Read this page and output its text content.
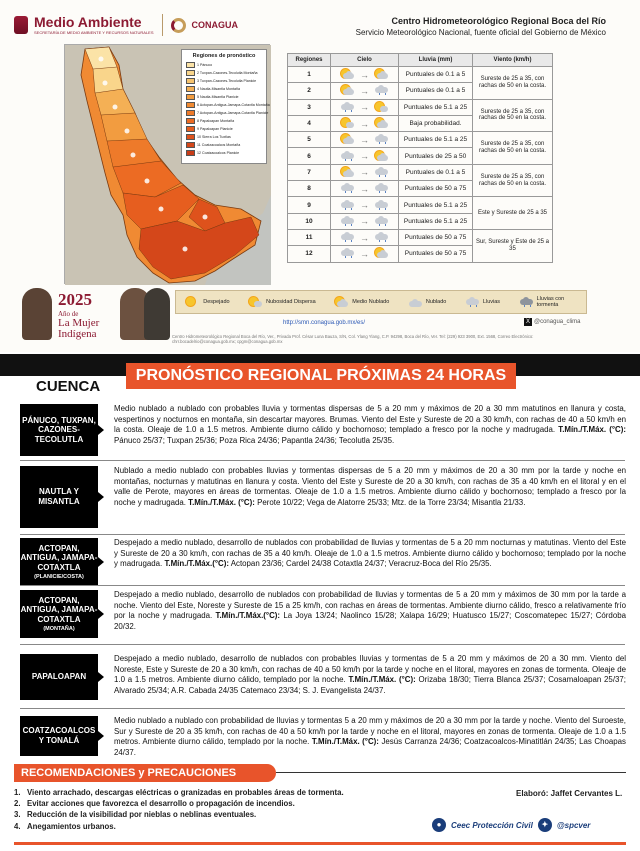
Medio Ambiente
SECRETARÍA DE MEDIO AMBIENTE Y RECURSOS NATURALES
CONAGUA	Centro Hidrometeorológico Regional Boca del Río
Servicio Meteorológico Nacional, fuente oficial del Gobierno de México
Regiones de pronóstico
1 Pánuco
2 Tuxpan-Cazones-Tecolutla Montaña
3 Tuxpan-Cazones-Tecolutla Planicie
4 Nautla-Misantla Montaña
5 Nautla-Misantla Planicie
6 Actopan-Antigua-Jamapa-Cotaxtla Montaña
7 Actopan-Antigua-Jamapa-Cotaxtla Planicie
8 Papaloapan Montaña
9 Papaloapan Planicie
10 Sierra Los Tuxtlas
11 Coatzacoalcos Montaña
12 Coatzacoalcos Planicie
Regiones	Cielo	Lluvia (mm)	Viento (km/h)
1	→	Puntuales de 0.1 a 5	Sureste de 25 a 35, con rachas de 50 en la costa.
2	→	Puntuales de 0.1 a 5	
3	→	Puntuales de 5.1 a 25	Sureste de 25 a 35, con rachas de 50 en la costa.
4	→	Baja probabilidad.	
5	→	Puntuales de 5.1 a 25	Sureste de 25 a 35, con rachas de 50 en la costa.
6	→	Puntuales de 25 a 50	
7	→	Puntuales de 0.1 a 5	Sureste de 25 a 35, con rachas de 50 en la costa.
8	→	Puntuales de 50 a 75	
9	→	Puntuales de 5.1 a 25	Este y Sureste de 25 a 35
10	→	Puntuales de 5.1 a 25	
11	→	Puntuales de 50 a 75	Sur, Sureste y Este de 25 a 35
12	→	Puntuales de 50 a 75	
2025
Año de
La Mujer
Indígena
Despejado	Nubosidad Dispersa	Medio Nublado	Nublado	Lluvias
Lluvias con tormenta
http://smn.conagua.gob.mx/es/	X @conagua_clima
Centro Hidrometeorológico Regional Boca del Río, Ver., Privada Prof. César Luna Bauza, S/N, Col. Ylang Ylang, C.P. 94298, Boca del Río, Ver. Tel: (229) 923 3900, Ext. 1568, Correo Electrónico: chrr.bocadelrio@conagua.gob.mx; cpgm@conagua.gob.mx
PRONÓSTICO REGIONAL PRÓXIMAS 24 HORAS
CUENCA
PÁNUCO, TUXPAN, CAZONES-TECOLUTLA
Medio nublado a nublado con probables lluvia y tormentas dispersas de 5 a 20 mm y máximos de 20 a 30 mm matutinos en llanura y costa, vespertinos y nocturnos en montaña, sin descartar mayores. Brumas. Viento del Este y Sureste de 20 a 30 km/h, con rachas de 40 a 50 km/h en la costa. Oleaje de 1.0 a 1.5 metros. Ambiente diurno cálido y bochornoso; templado a fresco por la noche y madrugada. T.Mín./T.Máx. (°C): Pánuco 25/37; Tuxpan 25/36; Poza Rica 24/36; Papantla 24/36; Tecolutla 25/35.
NAUTLA Y MISANTLA
Nublado a medio nublado con probables lluvias y tormentas dispersas de 5 a 20 mm y máximos de 20 a 30 mm por la tarde y noche en montañas, nocturnas y matutinas en llanura y costa. Viento del Este y Sureste de 20 a 30 km/h, con rachas de 35 a 40 km/h en el litoral y en el valle de Perote, mayores en áreas de tormentas. Oleaje de 1.0 a 1.5 metros. Ambiente diurno cálido y bochornoso; templado a fresco por la noche y madrugada. T.Mín./T.Máx. (°C): Perote 10/22; Vega de Alatorre 25/33; Mtz. de la Torre 23/34; Misantla 21/33.
ACTOPAN, ANTIGUA, JAMAPA-COTAXTLA
(PLANICIE/COSTA)
Despejado a medio nublado, desarrollo de nublados con probabilidad de lluvias y tormentas de 5 a 20 mm nocturnas y matutinas. Viento del Este y Sureste de 20 a 30 km/h, con rachas de 35 a 40 km/h. Oleaje de 1.0 a 1.5 metros. Ambiente diurno cálido y bochornoso; templado por la noche y madrugada. T.Mín./T.Máx.(°C): Actopan 23/36; Cardel 24/38 Cotaxtla 24/37; Veracruz-Boca del Río 25/35.
ACTOPAN, ANTIGUA, JAMAPA-COTAXTLA
(MONTAÑA)
Despejado a medio nublado, desarrollo de nublados con probabilidad de lluvias y tormentas de 5 a 20 mm y máximos de 30 mm por la tarde a noche. Viento del Este, Noreste y Sureste de 15 a 25 km/h, con rachas en áreas de tormentas. Ambiente diurno cálido, fresco a relativamente frío por la noche y madrugada. T.Mín./T.Máx.(°C): La Joya 13/24; Naolinco 15/28; Xalapa 16/29; Huatusco 15/27; Coscomatepec 15/27; Córdoba 20/32.
PAPALOAPAN
Despejado a medio nublado, desarrollo de nublados con probables lluvias y tormentas de 5 a 20 mm y máximos de 20 a 30 mm. Viento del Noreste, Este y Sureste de 20 a 30 km/h, con rachas de 40 a 50 km/h por la tarde y noche en el litoral, mayores en zonas de tormenta. Oleaje de 1.0 a 1.5 metros. Ambiente diurno cálido, templado por la noche. T.Mín./T.Máx. (°C): Orizaba 18/30; Tierra Blanca 25/37; Cosamaloapan 25/37; Alvarado 25/34; A.R. Cabada 24/35 Catemaco 23/34; S. J. Evangelista 24/37.
COATZACOALCOS Y TONALÁ
Medio nublado a nublado con probabilidad de lluvias y tormentas 5 a 20 mm y máximos de 20 a 30 mm por la tarde y noche. Viento del Suroeste, Sur y Sureste de 20 a 35 km/h, con rachas de 40 a 50 km/h por la tarde y noche en el litoral, mayores en zonas de tormenta. Oleaje de 1.0 a 1.5 metros. Ambiente diurno cálido, templado por la noche. T.Mín./T.Máx. (°C): Jesús Carranza 24/36; Coatzacoalcos-Minatitlán 24/35; Las Choapas 24/37.
RECOMENDACIONES y PRECAUCIONES
1. Viento arrachado, descargas eléctricas o granizadas en probables áreas de tormenta.
2. Evitar acciones que favorezca el desarrollo o propagación de incendios.
3. Reducción de la visibilidad por nieblas o neblinas eventuales.
4. Anegamientos urbanos.
Elaboró: Jaffet Cervantes L.
●	Ceec Protección Civil	✦	@spcver
